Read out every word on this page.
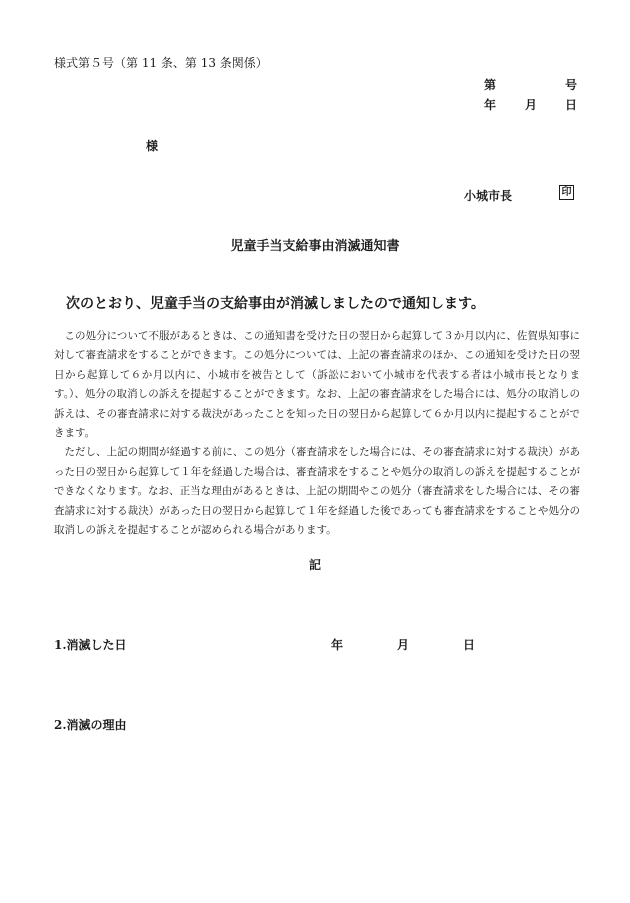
様式第５号（第 11 条、第 13 条関係）
第	号
年 月 日
様
小城市長	印
児童手当支給事由消滅通知書
次のとおり、児童手当の支給事由が消滅しましたので通知します。

この処分について不服があるときは、この通知書を受けた日の翌日から起算して３か月以内に、佐賀県知事に対して審査請求をすることができます。この処分については、上記の審査請求のほか、この通知を受けた日の翌日から起算して６か月以内に、小城市を被告として（訴訟において小城市を代表する者は小城市長となります。）、処分の取消しの訴えを提起することができます。なお、上記の審査請求をした場合には、処分の取消しの訴えは、その審査請求に対する裁決があったことを知った日の翌日から起算して６か月以内に提起することができます。

ただし、上記の期間が経過する前に、この処分（審査請求をした場合には、その審査請求に対する裁決）があった日の翌日から起算して１年を経過した場合は、審査請求をすることや処分の取消しの訴えを提起することができなくなります。なお、正当な理由があるときは、上記の期間やこの処分（審査請求をした場合には、その審査請求に対する裁決）があった日の翌日から起算して１年を経過した後であっても審査請求をすることや処分の取消しの訴えを提起することが認められる場合があります。

記
1.消滅した日	年	月	日
2.消滅の理由
